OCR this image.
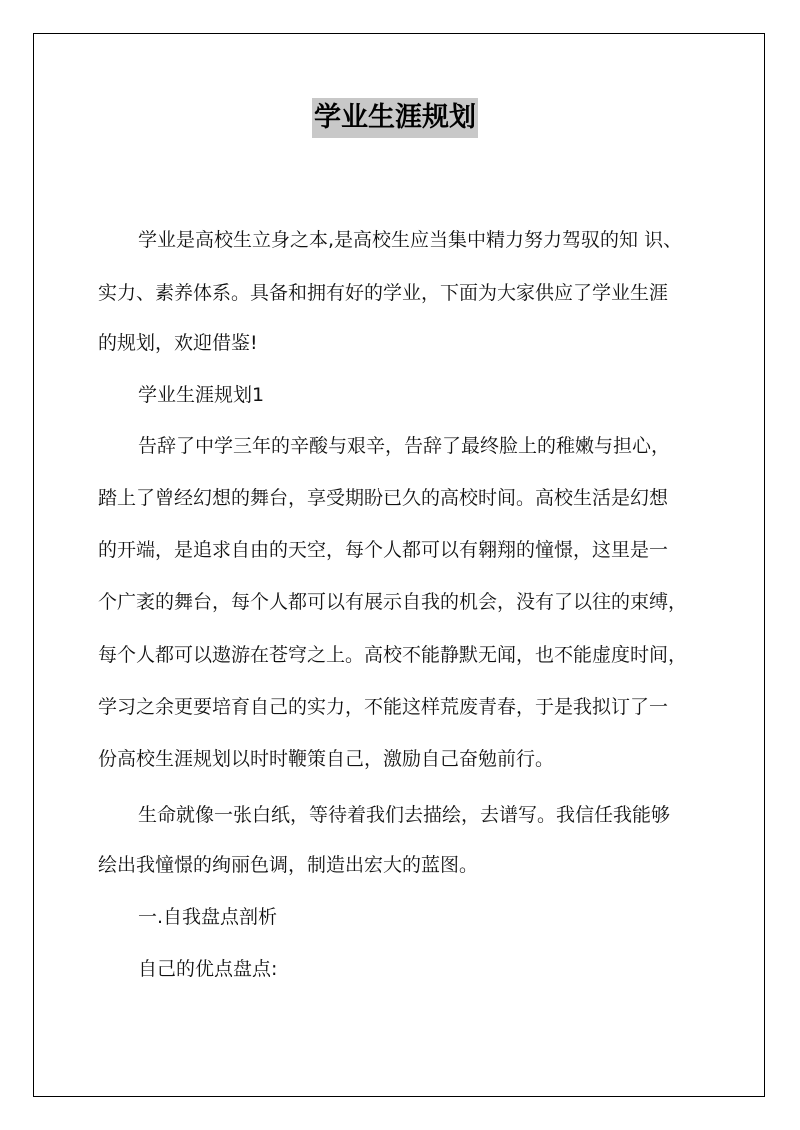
学业生涯规划
学业是高校生立身之本,是高校生应当集中精力努力驾驭的知 识、
实力、素养体系。具备和拥有好的学业，下面为大家供应了学业生涯
的规划，欢迎借鉴!
学业生涯规划1
告辞了中学三年的辛酸与艰辛，告辞了最终脸上的稚嫩与担心，
踏上了曾经幻想的舞台，享受期盼已久的高校时间。高校生活是幻想
的开端，是追求自由的天空，每个人都可以有翱翔的憧憬，这里是一
个广袤的舞台，每个人都可以有展示自我的机会，没有了以往的束缚，
每个人都可以遨游在苍穹之上。高校不能静默无闻，也不能虚度时间，
学习之余更要培育自己的实力，不能这样荒废青春，于是我拟订了一
份高校生涯规划以时时鞭策自己，激励自己奋勉前行。
生命就像一张白纸，等待着我们去描绘，去谱写。我信任我能够
绘出我憧憬的绚丽色调，制造出宏大的蓝图。
一.自我盘点剖析
自己的优点盘点:
